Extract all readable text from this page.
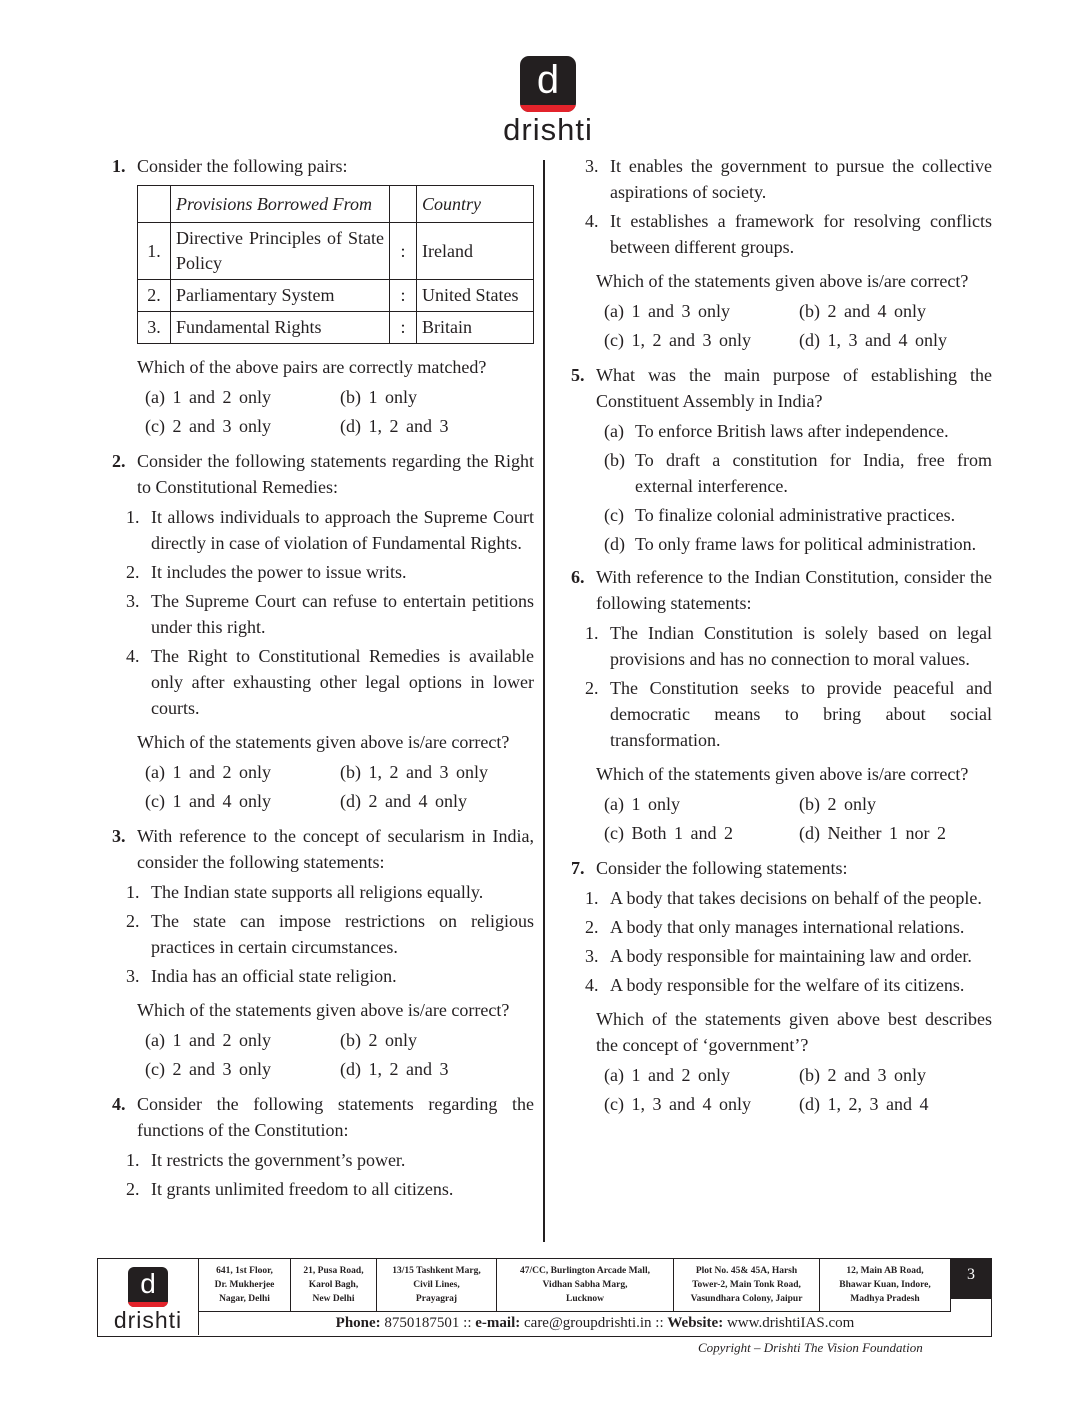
d
drishti
1. Consider the following pairs:
	Provisions Borrowed From		Country
1.	Directive Principles of State Policy	:	Ireland
2.	Parliamentary System	:	United States
3.	Fundamental Rights	:	Britain
Which of the above pairs are correctly matched?
(a) 1 and 2 only	(b) 1 only
(c) 2 and 3 only	(d) 1, 2 and 3
2. Consider the following statements regarding the Right to Constitutional Remedies:
1. It allows individuals to approach the Supreme Court directly in case of violation of Fundamental Rights.
2. It includes the power to issue writs.
3. The Supreme Court can refuse to entertain petitions under this right.
4. The Right to Constitutional Remedies is available only after exhausting other legal options in lower courts.
Which of the statements given above is/are correct?
(a) 1 and 2 only	(b) 1, 2 and 3 only
(c) 1 and 4 only	(d) 2 and 4 only
3. With reference to the concept of secularism in India, consider the following statements:
1. The Indian state supports all religions equally.
2. The state can impose restrictions on religious practices in certain circumstances.
3. India has an official state religion.
Which of the statements given above is/are correct?
(a) 1 and 2 only	(b) 2 only
(c) 2 and 3 only	(d) 1, 2 and 3
4. Consider the following statements regarding the functions of the Constitution:
1. It restricts the government’s power.
2. It grants unlimited freedom to all citizens.
3. It enables the government to pursue the collective aspirations of society.
4. It establishes a framework for resolving conflicts between different groups.
Which of the statements given above is/are correct?
(a) 1 and 3 only	(b) 2 and 4 only
(c) 1, 2 and 3 only	(d) 1, 3 and 4 only
5. What was the main purpose of establishing the Constituent Assembly in India?
(a) To enforce British laws after independence.
(b) To draft a constitution for India, free from external interference.
(c) To finalize colonial administrative practices.
(d) To only frame laws for political administration.
6. With reference to the Indian Constitution, consider the following statements:
1. The Indian Constitution is solely based on legal provisions and has no connection to moral values.
2. The Constitution seeks to provide peaceful and democratic means to bring about social transformation.
Which of the statements given above is/are correct?
(a) 1 only	(b) 2 only
(c) Both 1 and 2	(d) Neither 1 nor 2
7. Consider the following statements:
1. A body that takes decisions on behalf of the people.
2. A body that only manages international relations.
3. A body responsible for maintaining law and order.
4. A body responsible for the welfare of its citizens.
Which of the statements given above best describes the concept of ‘government’?
(a) 1 and 2 only	(b) 2 and 3 only
(c) 1, 3 and 4 only	(d) 1, 2, 3 and 4
d
drishti
641, 1st Floor,
Dr. Mukherjee
Nagar, Delhi
21, Pusa Road,
Karol Bagh,
New Delhi
13/15 Tashkent Marg,
Civil Lines,
Prayagraj
47/CC, Burlington Arcade Mall,
Vidhan Sabha Marg,
Lucknow
Plot No. 45& 45A, Harsh
Tower-2, Main Tonk Road,
Vasundhara Colony, Jaipur
12, Main AB Road,
Bhawar Kuan, Indore,
Madhya Pradesh
3
Phone: 8750187501 :: e-mail: care@groupdrishti.in :: Website: www.drishtiIAS.com
Copyright – Drishti The Vision Foundation
